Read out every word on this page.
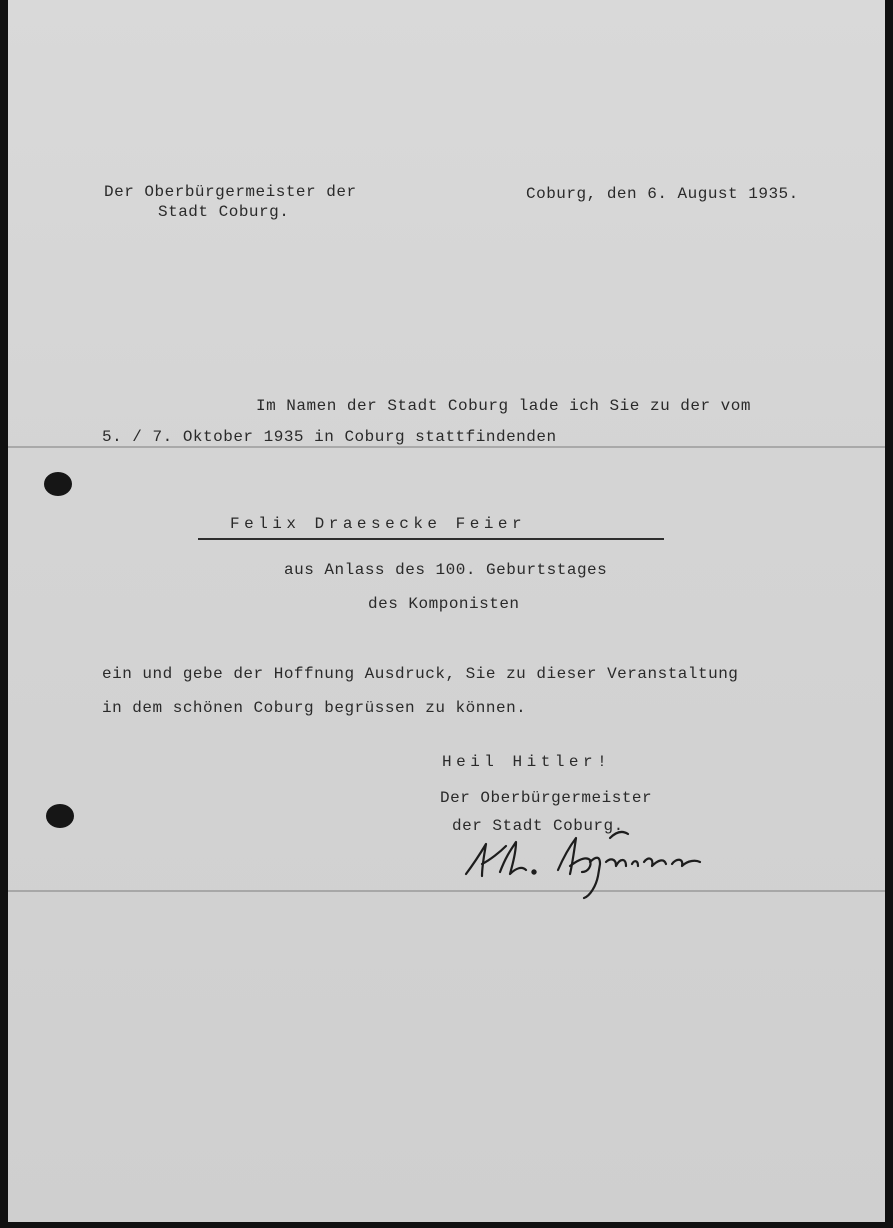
Der Oberbürgermeister der

Stadt Coburg.

Coburg, den 6. August 1935.

Im Namen der Stadt Coburg lade ich Sie zu der vom

5. / 7. Oktober 1935 in Coburg stattfindenden

Felix Draesecke Feier

aus Anlass des 100. Geburtstages

des Komponisten

ein und gebe der Hoffnung Ausdruck, Sie zu dieser Veranstaltung

in dem schönen Coburg begrüssen zu können.

Heil Hitler!

Der Oberbürgermeister

der Stadt Coburg.
